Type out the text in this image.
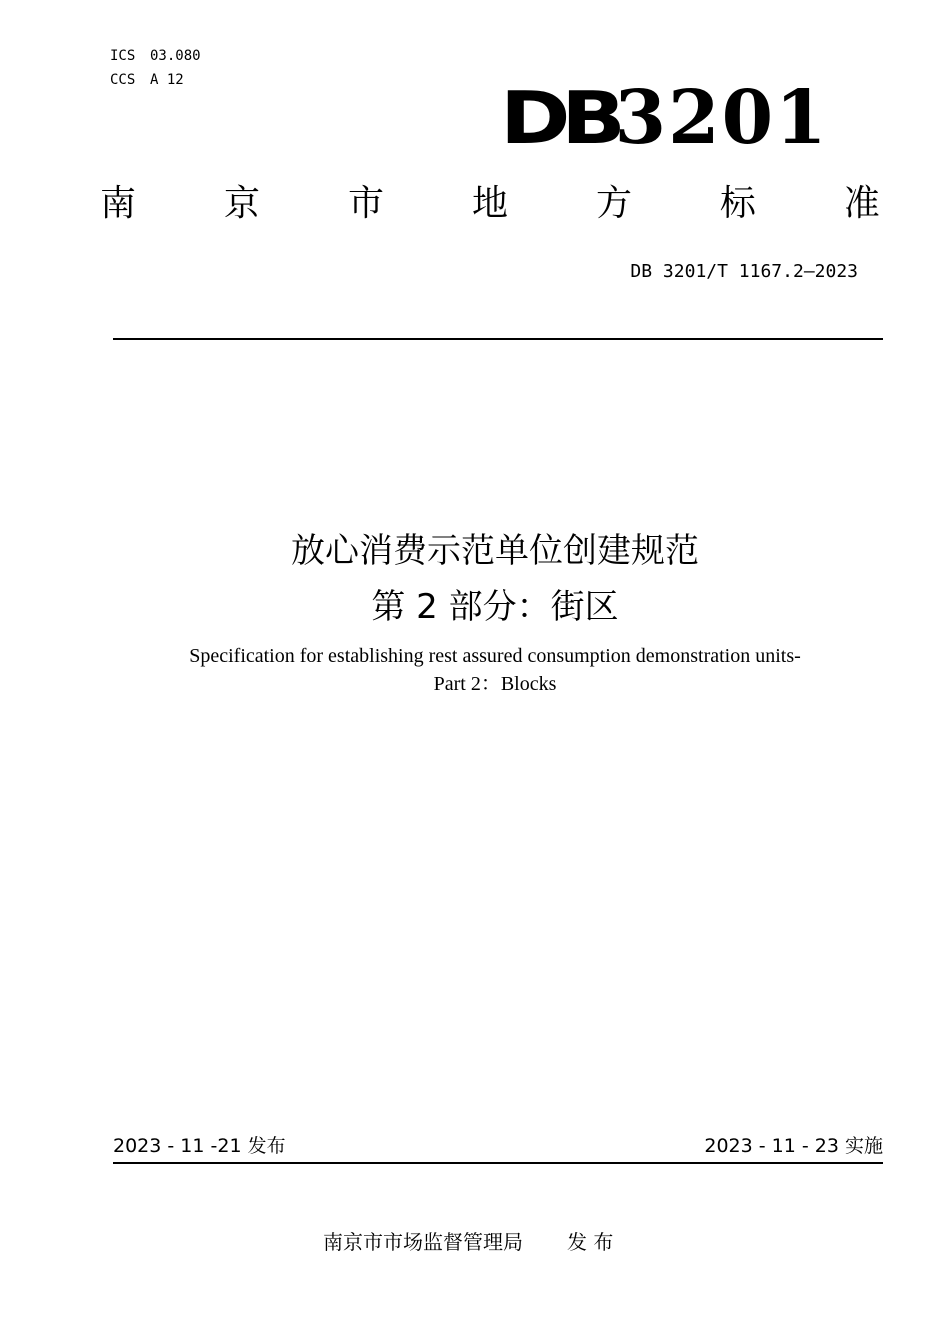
ICS 03.080
CCS A 12	DB
3201
南 京 市 地 方 标 准
DB 3201/T 1167.2—2023
放心消费示范单位创建规范
第 2 部分：街区
Specification for establishing rest assured consumption demonstration units-
Part 2：Blocks
2023 - 11 -21 发布	2023 - 11 - 23 实施
南京市市场监督管理局 发 布
